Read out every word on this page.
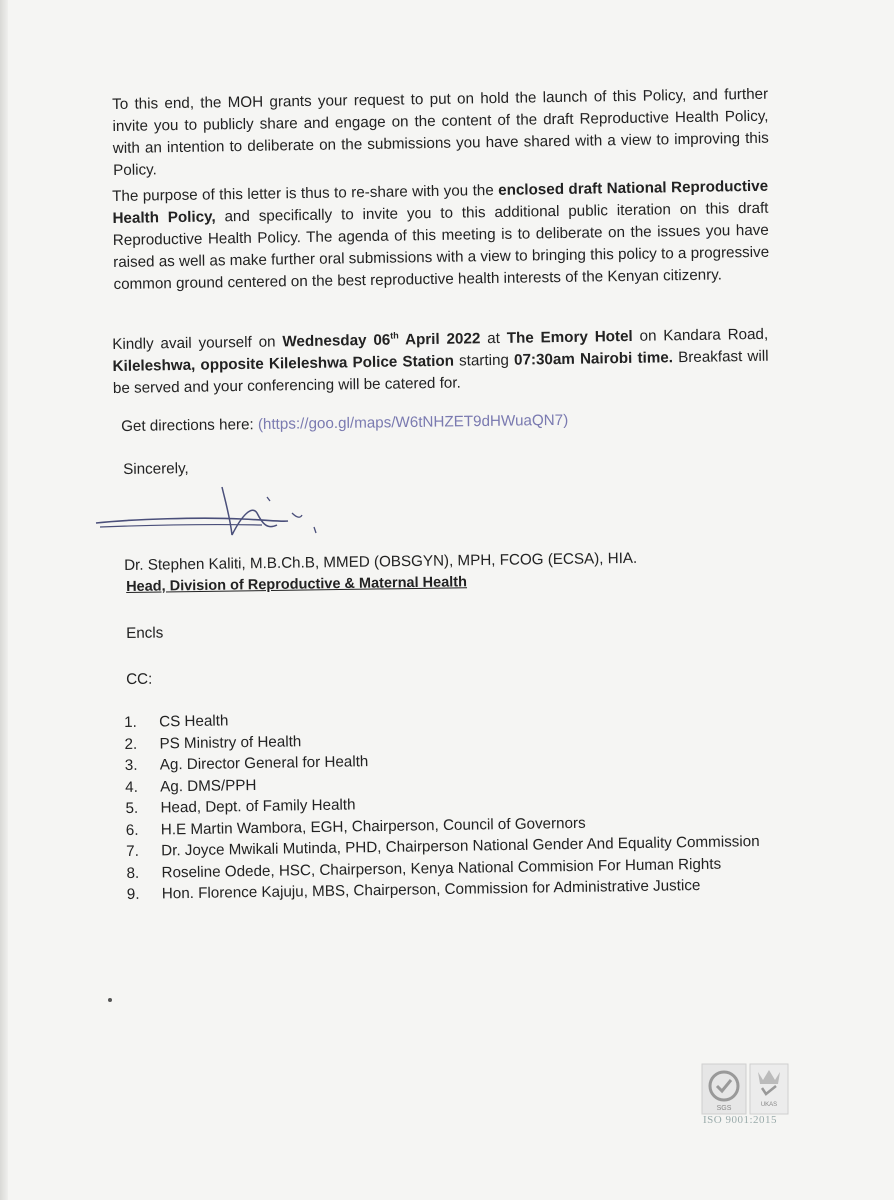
To this end, the MOH grants your request to put on hold the launch of this Policy, and further invite you to publicly share and engage on the content of the draft Reproductive Health Policy, with an intention to deliberate on the submissions you have shared with a view to improving this Policy.
The purpose of this letter is thus to re-share with you the enclosed draft National Reproductive Health Policy, and specifically to invite you to this additional public iteration on this draft Reproductive Health Policy. The agenda of this meeting is to deliberate on the issues you have raised as well as make further oral submissions with a view to bringing this policy to a progressive common ground centered on the best reproductive health interests of the Kenyan citizenry.
Kindly avail yourself on Wednesday 06th April 2022 at The Emory Hotel on Kandara Road, Kileleshwa, opposite Kileleshwa Police Station starting 07:30am Nairobi time. Breakfast will be served and your conferencing will be catered for.
Get directions here: (https://goo.gl/maps/W6tNHZET9dHWuaQN7)
Sincerely,
Dr. Stephen Kaliti, M.B.Ch.B, MMED (OBSGYN), MPH, FCOG (ECSA), HIA.
Head, Division of Reproductive & Maternal Health
Encls
CC:
1.	CS Health
2.	PS Ministry of Health
3.	Ag. Director General for Health
4.	Ag. DMS/PPH
5.	Head, Dept. of Family Health
6.	H.E Martin Wambora, EGH, Chairperson, Council of Governors
7.	Dr. Joyce Mwikali Mutinda, PHD, Chairperson National Gender And Equality Commission
8.	Roseline Odede, HSC, Chairperson, Kenya National Commision For Human Rights
9.	Hon. Florence Kajuju, MBS, Chairperson, Commission for Administrative Justice
SGS	UKAS
ISO 9001:2015
